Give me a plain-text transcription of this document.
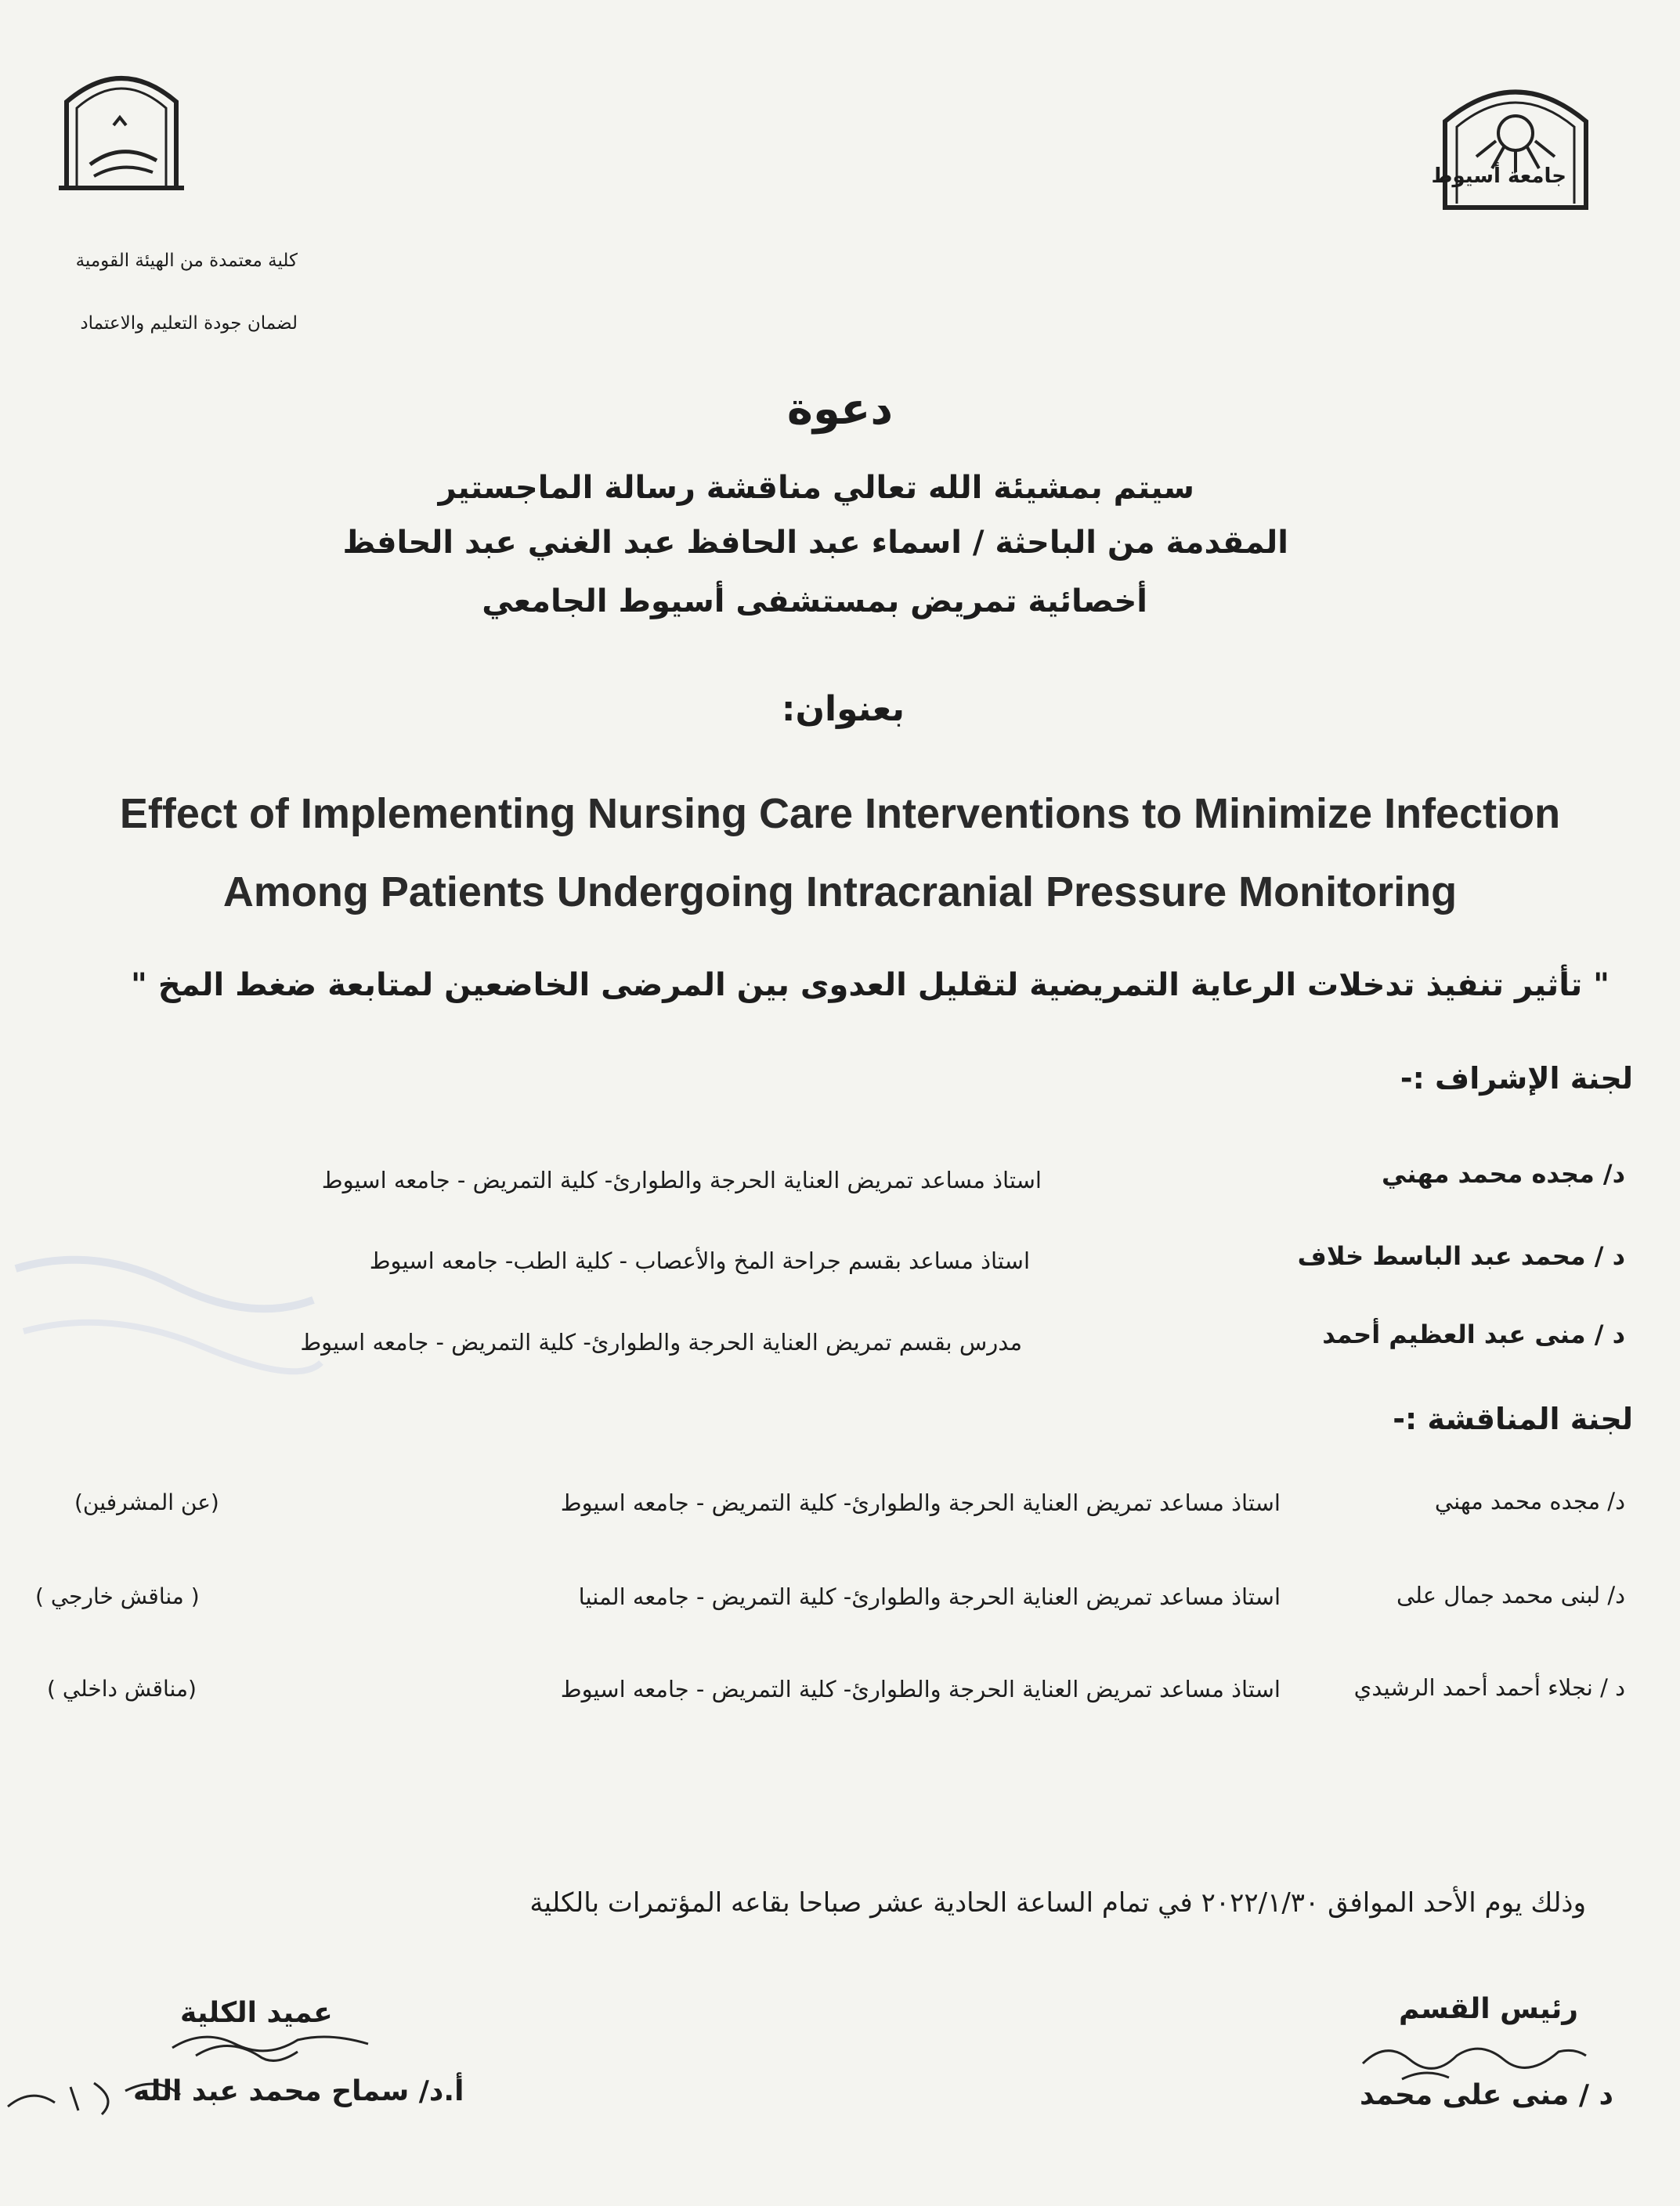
جامعة أسيوط
كلية معتمدة من الهيئة القومية
لضمان جودة التعليم والاعتماد
دعوة
سيتم بمشيئة الله تعالي مناقشة رسالة الماجستير
المقدمة من الباحثة / اسماء عبد الحافظ عبد الغني عبد الحافظ
أخصائية تمريض بمستشفى أسيوط الجامعي
بعنوان:
Effect of Implementing Nursing Care Interventions to Minimize Infection
Among Patients Undergoing Intracranial Pressure Monitoring
" تأثير تنفيذ تدخلات الرعاية التمريضية لتقليل العدوى بين المرضى الخاضعين لمتابعة ضغط المخ "
لجنة الإشراف :-
د/ مجده محمد مهني
استاذ مساعد تمريض العناية الحرجة والطوارئ- كلية التمريض - جامعه اسيوط
د / محمد عبد الباسط خلاف
استاذ مساعد بقسم جراحة المخ والأعصاب - كلية الطب- جامعه اسيوط
د / منى عبد العظيم أحمد
مدرس بقسم تمريض العناية الحرجة والطوارئ- كلية التمريض - جامعه اسيوط
لجنة المناقشة :-
د/ مجده محمد مهني
استاذ مساعد تمريض العناية الحرجة والطوارئ- كلية التمريض - جامعه اسيوط
(عن المشرفين)
د/ لبنى محمد جمال على
استاذ مساعد تمريض العناية الحرجة والطوارئ- كلية التمريض - جامعه المنيا
( مناقش خارجي )
د / نجلاء أحمد أحمد الرشيدي
استاذ مساعد تمريض العناية الحرجة والطوارئ- كلية التمريض - جامعه اسيوط
(مناقش داخلي )
وذلك يوم الأحد الموافق ٢٠٢٢/١/٣٠ في تمام الساعة الحادية عشر صباحا بقاعه المؤتمرات بالكلية
رئيس القسم
د / منى على محمد
عميد الكلية
أ.د/ سماح محمد عبد الله
